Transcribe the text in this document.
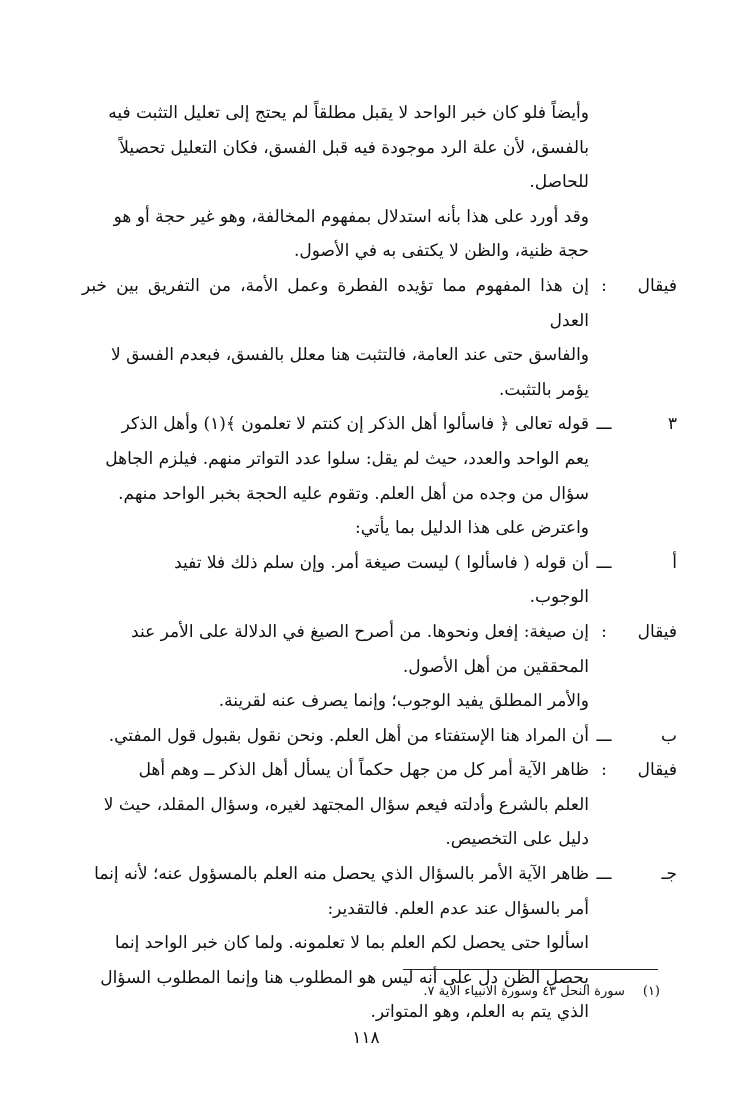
وأيضاً فلو كان خبر الواحد لا يقبل مطلقاً لم يحتج إلى تعليل التثبت فيه

بالفسق، لأن علة الرد موجودة فيه قبل الفسق، فكان التعليل تحصيلاً

للحاصل.

وقد أورد على هذا بأنه استدلال بمفهوم المخالفة، وهو غير حجة أو هو

حجة ظنية، والظن لا يكتفى به في الأصول.

فيقال
:

إن هذا المفهوم مما تؤيده الفطرة وعمل الأمة، من التفريق بين خبر العدل

والفاسق حتى عند العامة، فالتثبت هنا معلل بالفسق، فبعدم الفسق لا

يؤمر بالتثبت.

٣
ـــ

قوله تعالى ﴿ فاسألوا أهل الذكر إن كنتم لا تعلمون ﴾(١) وأهل الذكر

يعم الواحد والعدد، حيث لم يقل: سلوا عدد التواتر منهم. فيلزم الجاهل

سؤال من وجده من أهل العلم. وتقوم عليه الحجة بخبر الواحد منهم.

واعترض على هذا الدليل بما يأتي:

أ
ـــ

أن قوله ( فاسألوا ) ليست صيغة أمر. وإن سلم ذلك فلا تفيد

الوجوب.

فيقال
:

إن صيغة: إفعل ونحوها. من أصرح الصيغ في الدلالة على الأمر عند

المحققين من أهل الأصول.

والأمر المطلق يفيد الوجوب؛ وإنما يصرف عنه لقرينة.

ب
ـــ

أن المراد هنا الإستفتاء من أهل العلم. ونحن نقول بقبول قول المفتي.

فيقال
:

ظاهر الآية أمر كل من جهل حكماً أن يسأل أهل الذكر ــ وهم أهل

العلم بالشرع وأدلته فيعم سؤال المجتهد لغيره، وسؤال المقلد، حيث لا

دليل على التخصيص.

جـ
ـــ

ظاهر الآية الأمر بالسؤال الذي يحصل منه العلم بالمسؤول عنه؛ لأنه إنما

أمر بالسؤال عند عدم العلم. فالتقدير:

اسألوا حتى يحصل لكم العلم بما لا تعلمونه. ولما كان خبر الواحد إنما

يحصل الظن دل على أنه ليس هو المطلوب هنا وإنما المطلوب السؤال

الذي يتم به العلم، وهو المتواتر.

(١)سورة النحل ٤٣ وسورة الأنبياء الآية ٧.
١١٨
